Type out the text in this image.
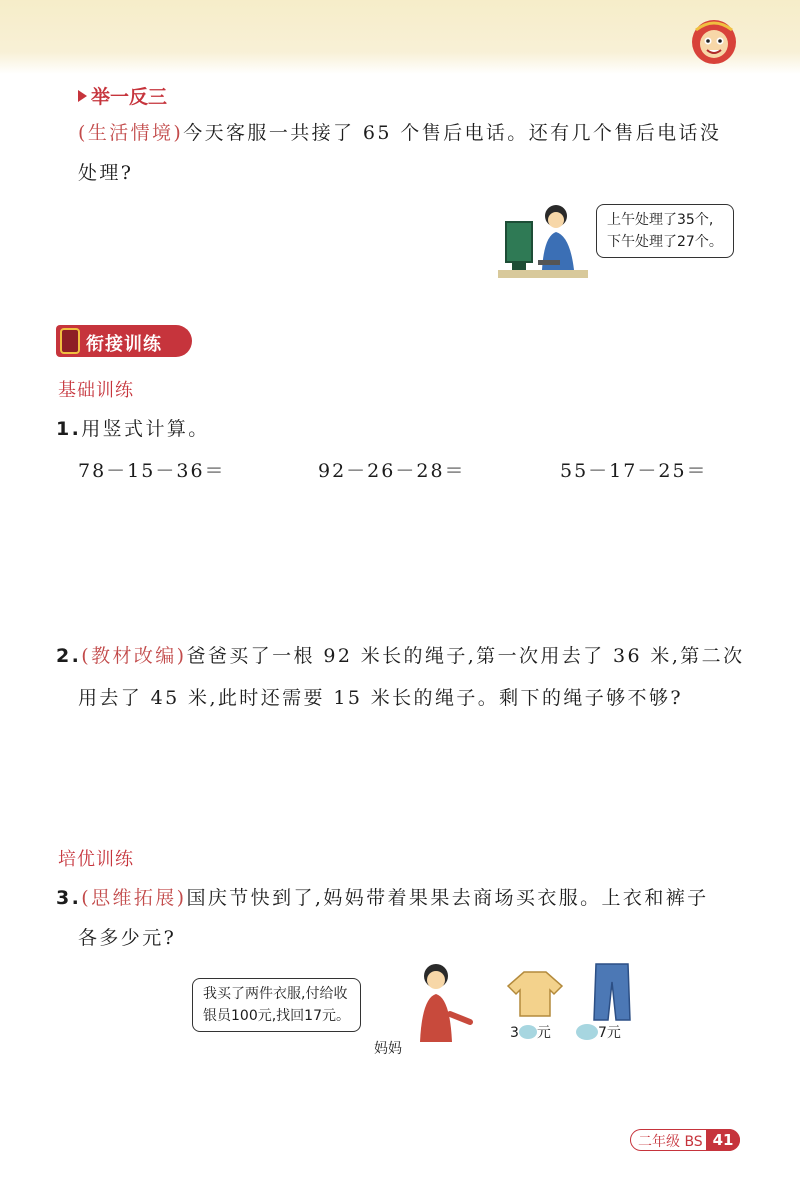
举一反三
(生活情境)今天客服一共接了 65 个售后电话。还有几个售后电话没
处理?
上午处理了35个,
下午处理了27个。
衔接训练
基础训练
1.用竖式计算。
78－15－36＝	92－26－28＝	55－17－25＝
2.(教材改编)爸爸买了一根 92 米长的绳子,第一次用去了 36 米,第二次
用去了 45 米,此时还需要 15 米长的绳子。剩下的绳子够不够?
培优训练
3.(思维拓展)国庆节快到了,妈妈带着果果去商场买衣服。上衣和裤子
各多少元?
我买了两件衣服,付给收
银员100元,找回17元。
妈妈
3 元	7元
二年级 BS 41
